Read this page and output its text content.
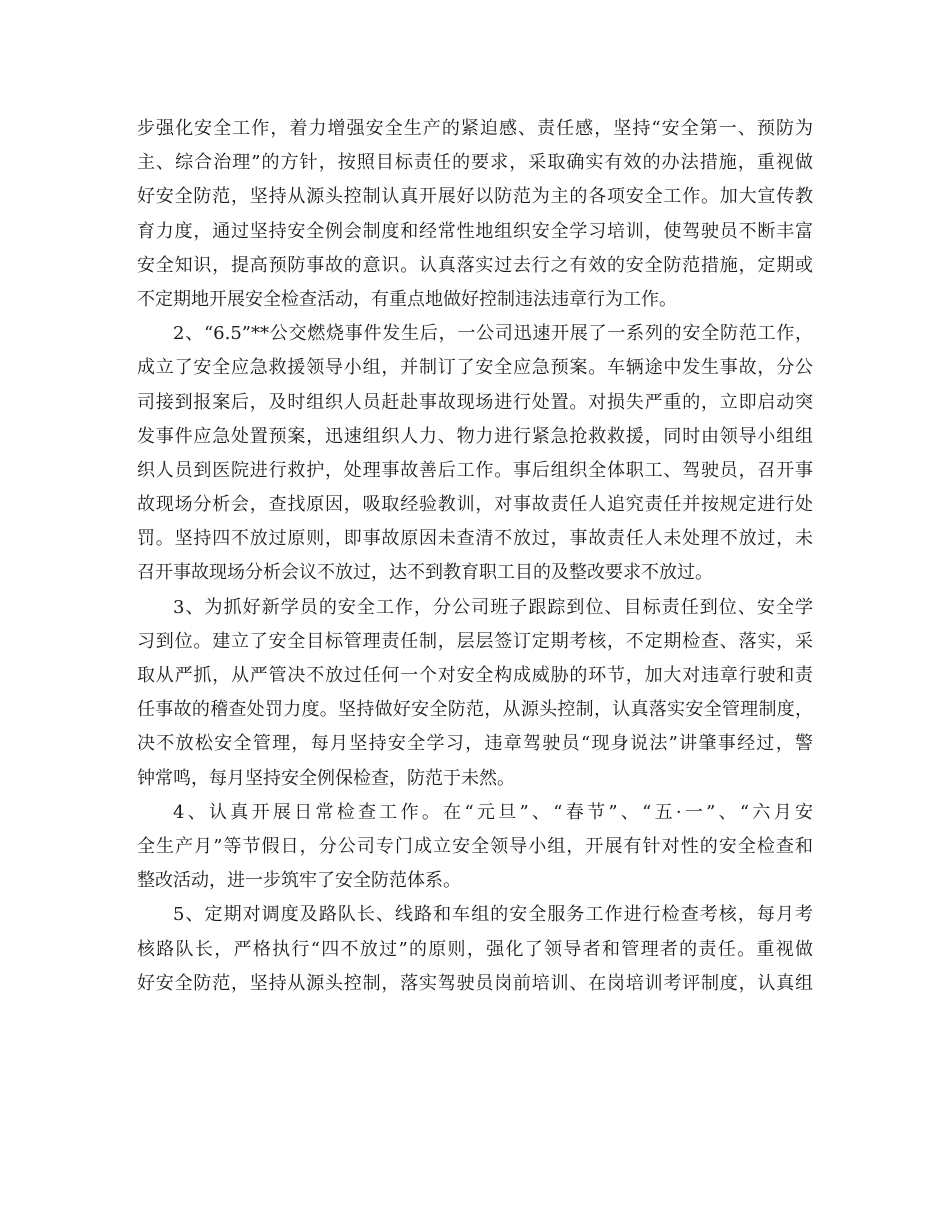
步强化安全工作，着力增强安全生产的紧迫感、责任感，坚持“安全第一、预防为
主、综合治理”的方针，按照目标责任的要求，采取确实有效的办法措施，重视做
好安全防范，坚持从源头控制认真开展好以防范为主的各项安全工作。加大宣传教
育力度，通过坚持安全例会制度和经常性地组织安全学习培训，使驾驶员不断丰富
安全知识，提高预防事故的意识。认真落实过去行之有效的安全防范措施，定期或
不定期地开展安全检查活动，有重点地做好控制违法违章行为工作。
2、“6.5”**公交燃烧事件发生后，一公司迅速开展了一系列的安全防范工作，
成立了安全应急救援领导小组，并制订了安全应急预案。车辆途中发生事故，分公
司接到报案后，及时组织人员赶赴事故现场进行处置。对损失严重的，立即启动突
发事件应急处置预案，迅速组织人力、物力进行紧急抢救救援，同时由领导小组组
织人员到医院进行救护，处理事故善后工作。事后组织全体职工、驾驶员，召开事
故现场分析会，查找原因，吸取经验教训，对事故责任人追究责任并按规定进行处
罚。坚持四不放过原则，即事故原因未查清不放过，事故责任人未处理不放过，未
召开事故现场分析会议不放过，达不到教育职工目的及整改要求不放过。
3、为抓好新学员的安全工作，分公司班子跟踪到位、目标责任到位、安全学
习到位。建立了安全目标管理责任制，层层签订定期考核，不定期检查、落实，采
取从严抓，从严管决不放过任何一个对安全构成威胁的环节，加大对违章行驶和责
任事故的稽查处罚力度。坚持做好安全防范，从源头控制，认真落实安全管理制度，
决不放松安全管理，每月坚持安全学习，违章驾驶员“现身说法”讲肇事经过，警
钟常鸣，每月坚持安全例保检查，防范于未然。
4、认真开展日常检查工作。在“元旦”、“春节”、“五·一”、“六月安
全生产月”等节假日，分公司专门成立安全领导小组，开展有针对性的安全检查和
整改活动，进一步筑牢了安全防范体系。
5、定期对调度及路队长、线路和车组的安全服务工作进行检查考核，每月考
核路队长，严格执行“四不放过”的原则，强化了领导者和管理者的责任。重视做
好安全防范，坚持从源头控制，落实驾驶员岗前培训、在岗培训考评制度，认真组
